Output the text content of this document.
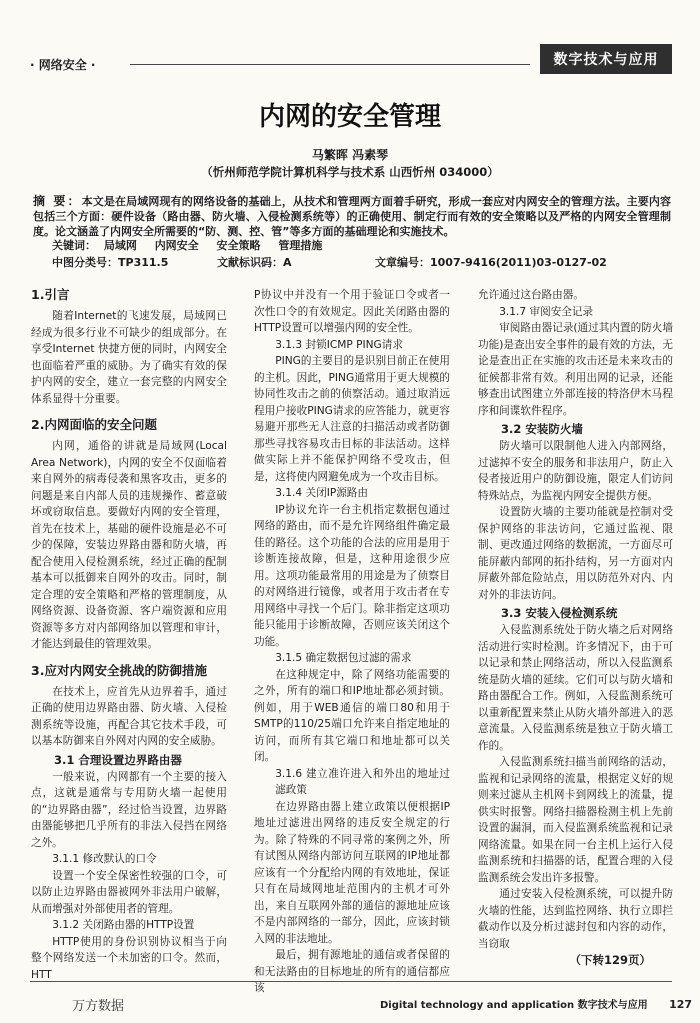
· 网络安全 ·	数字技术与应用
内网的安全管理
马繁晖 冯素琴
（忻州师范学院计算机科学与技术系 山西忻州 034000）
摘 要：本文是在局域网现有的网络设备的基础上，从技术和管理两方面着手研究，形成一套应对内网安全的管理方法。主要内容包括三个方面：硬件设备（路由器、防火墙、入侵检测系统等）的正确使用、制定行而有效的安全策略以及严格的内网安全管理制度。论文涵盖了内网安全所需要的“防、测、控、管”等多方面的基础理论和实施技术。
关键词： 局域网 内网安全 安全策略 管理措施
中图分类号：TP311.5	文献标识码：A	文章编号：1007-9416(2011)03-0127-02
1.引言

随着Internet的飞速发展，局域网已经成为很多行业不可缺少的组成部分。在享受Internet 快捷方便的同时，内网安全也面临着严重的威胁。为了确实有效的保护内网的安全，建立一套完整的内网安全体系显得十分重要。

2.内网面临的安全问题

内网，通俗的讲就是局域网(Local Area Network)，内网的安全不仅面临着来自网外的病毒侵袭和黑客攻击，更多的问题是来自内部人员的违规操作、蓄意破坏或窃取信息。要做好内网的安全管理，首先在技术上，基础的硬件设施是必不可少的保障，安装边界路由器和防火墙，再配合使用入侵检测系统，经过正确的配制基本可以抵御来自网外的攻击。同时，制定合理的安全策略和严格的管理制度，从网络资源、设备资源、客户端资源和应用资源等多方对内部网络加以管理和审计，才能达到最佳的管理效果。

3.应对内网安全挑战的防御措施

在技术上，应首先从边界着手，通过正确的使用边界路由器、防火墙、入侵检测系统等设施，再配合其它技术手段，可以基本防御来自外网对内网的安全威胁。

3.1 合理设置边界路由器

一般来说，内网都有一个主要的接入点，这就是通常与专用防火墙一起使用的“边界路由器”，经过恰当设置，边界路由器能够把几乎所有的非法入侵挡在网络之外。

3.1.1 修改默认的口令

设置一个安全保密性较强的口令，可以防止边界路由器被网外非法用户破解，从而增强对外部使用者的管理。

3.1.2 关闭路由器的HTTP设置

HTTP使用的身份识别协议相当于向整个网络发送一个未加密的口令。然而，HTT

P协议中并没有一个用于验证口令或者一次性口令的有效规定。因此关闭路由器的HTTP设置可以增强内网的安全性。

3.1.3 封锁ICMP PING请求

PING的主要目的是识别目前正在使用的主机。因此，PING通常用于更大规模的协同性攻击之前的侦察活动。通过取消远程用户接收PING请求的应答能力，就更容易避开那些无人注意的扫描活动或者防御那些寻找容易攻击目标的非法活动。这样做实际上并不能保护网络不受攻击，但是，这将使内网避免成为一个攻击目标。

3.1.4 关闭IP源路由

IP协议允许一台主机指定数据包通过网络的路由，而不是允许网络组件确定最佳的路径。这个功能的合法的应用是用于诊断连接故障，但是，这种用途很少应用。这项功能最常用的用途是为了侦察目的对网络进行镜像，或者用于攻击者在专用网络中寻找一个后门。除非指定这项功能只能用于诊断故障，否则应该关闭这个功能。

3.1.5 确定数据包过滤的需求

在这种规定中，除了网络功能需要的之外，所有的端口和IP地址都必须封锁。例如，用于WEB通信的端口80和用于SMTP的110/25端口允许来自指定地址的访问，而所有其它端口和地址都可以关闭。

3.1.6 建立准许进入和外出的地址过滤政策

在边界路由器上建立政策以便根据IP地址过滤进出网络的违反安全规定的行为。除了特殊的不同寻常的案例之外，所有试图从网络内部访问互联网的IP地址都应该有一个分配给内网的有效地址，保证只有在局域网地址范围内的主机才可外出，来自互联网外部的通信的源地址应该不是内部网络的一部分，因此，应该封锁入网的非法地址。

最后，拥有源地址的通信或者保留的和无法路由的目标地址的所有的通信都应该

允许通过这台路由器。

3.1.7 审阅安全记录

审阅路由器记录(通过其内置的防火墙功能)是查出安全事件的最有效的方法，无论是查出正在实施的攻击还是未来攻击的征候都非常有效。利用出网的记录，还能够查出试图建立外部连接的特洛伊木马程序和间谍软件程序。

3.2 安装防火墙

防火墙可以限制他人进入内部网络，过滤掉不安全的服务和非法用户，防止入侵者接近用户的防御设施，限定人们访问特殊站点，为监视内网安全提供方便。

设置防火墙的主要功能就是控制对受保护网络的非法访问，它通过监视、限制、更改通过网络的数据流，一方面尽可能屏蔽内部网的拓扑结构，另一方面对内屏蔽外部危险站点，用以防范外对内、内对外的非法访问。

3.3 安装入侵检测系统

入侵监测系统处于防火墙之后对网络活动进行实时检测。许多情况下，由于可以记录和禁止网络活动，所以入侵监测系统是防火墙的延续。它们可以与防火墙和路由器配合工作。例如，入侵监测系统可以重新配置来禁止从防火墙外部进入的恶意流量。入侵监测系统是独立于防火墙工作的。

入侵监测系统扫描当前网络的活动，监视和记录网络的流量，根据定义好的规则来过滤从主机网卡到网线上的流量，提供实时报警。网络扫描器检测主机上先前设置的漏洞，而入侵监测系统监视和记录网络流量。如果在同一台主机上运行入侵监测系统和扫描器的话，配置合理的入侵监测系统会发出许多报警。

通过安装入侵检测系统，可以提升防火墙的性能，达到监控网络、执行立即拦截动作以及分析过滤封包和内容的动作，当窃取

（下转129页）
万方数据	Digital technology and application 数字技术与应用 127
